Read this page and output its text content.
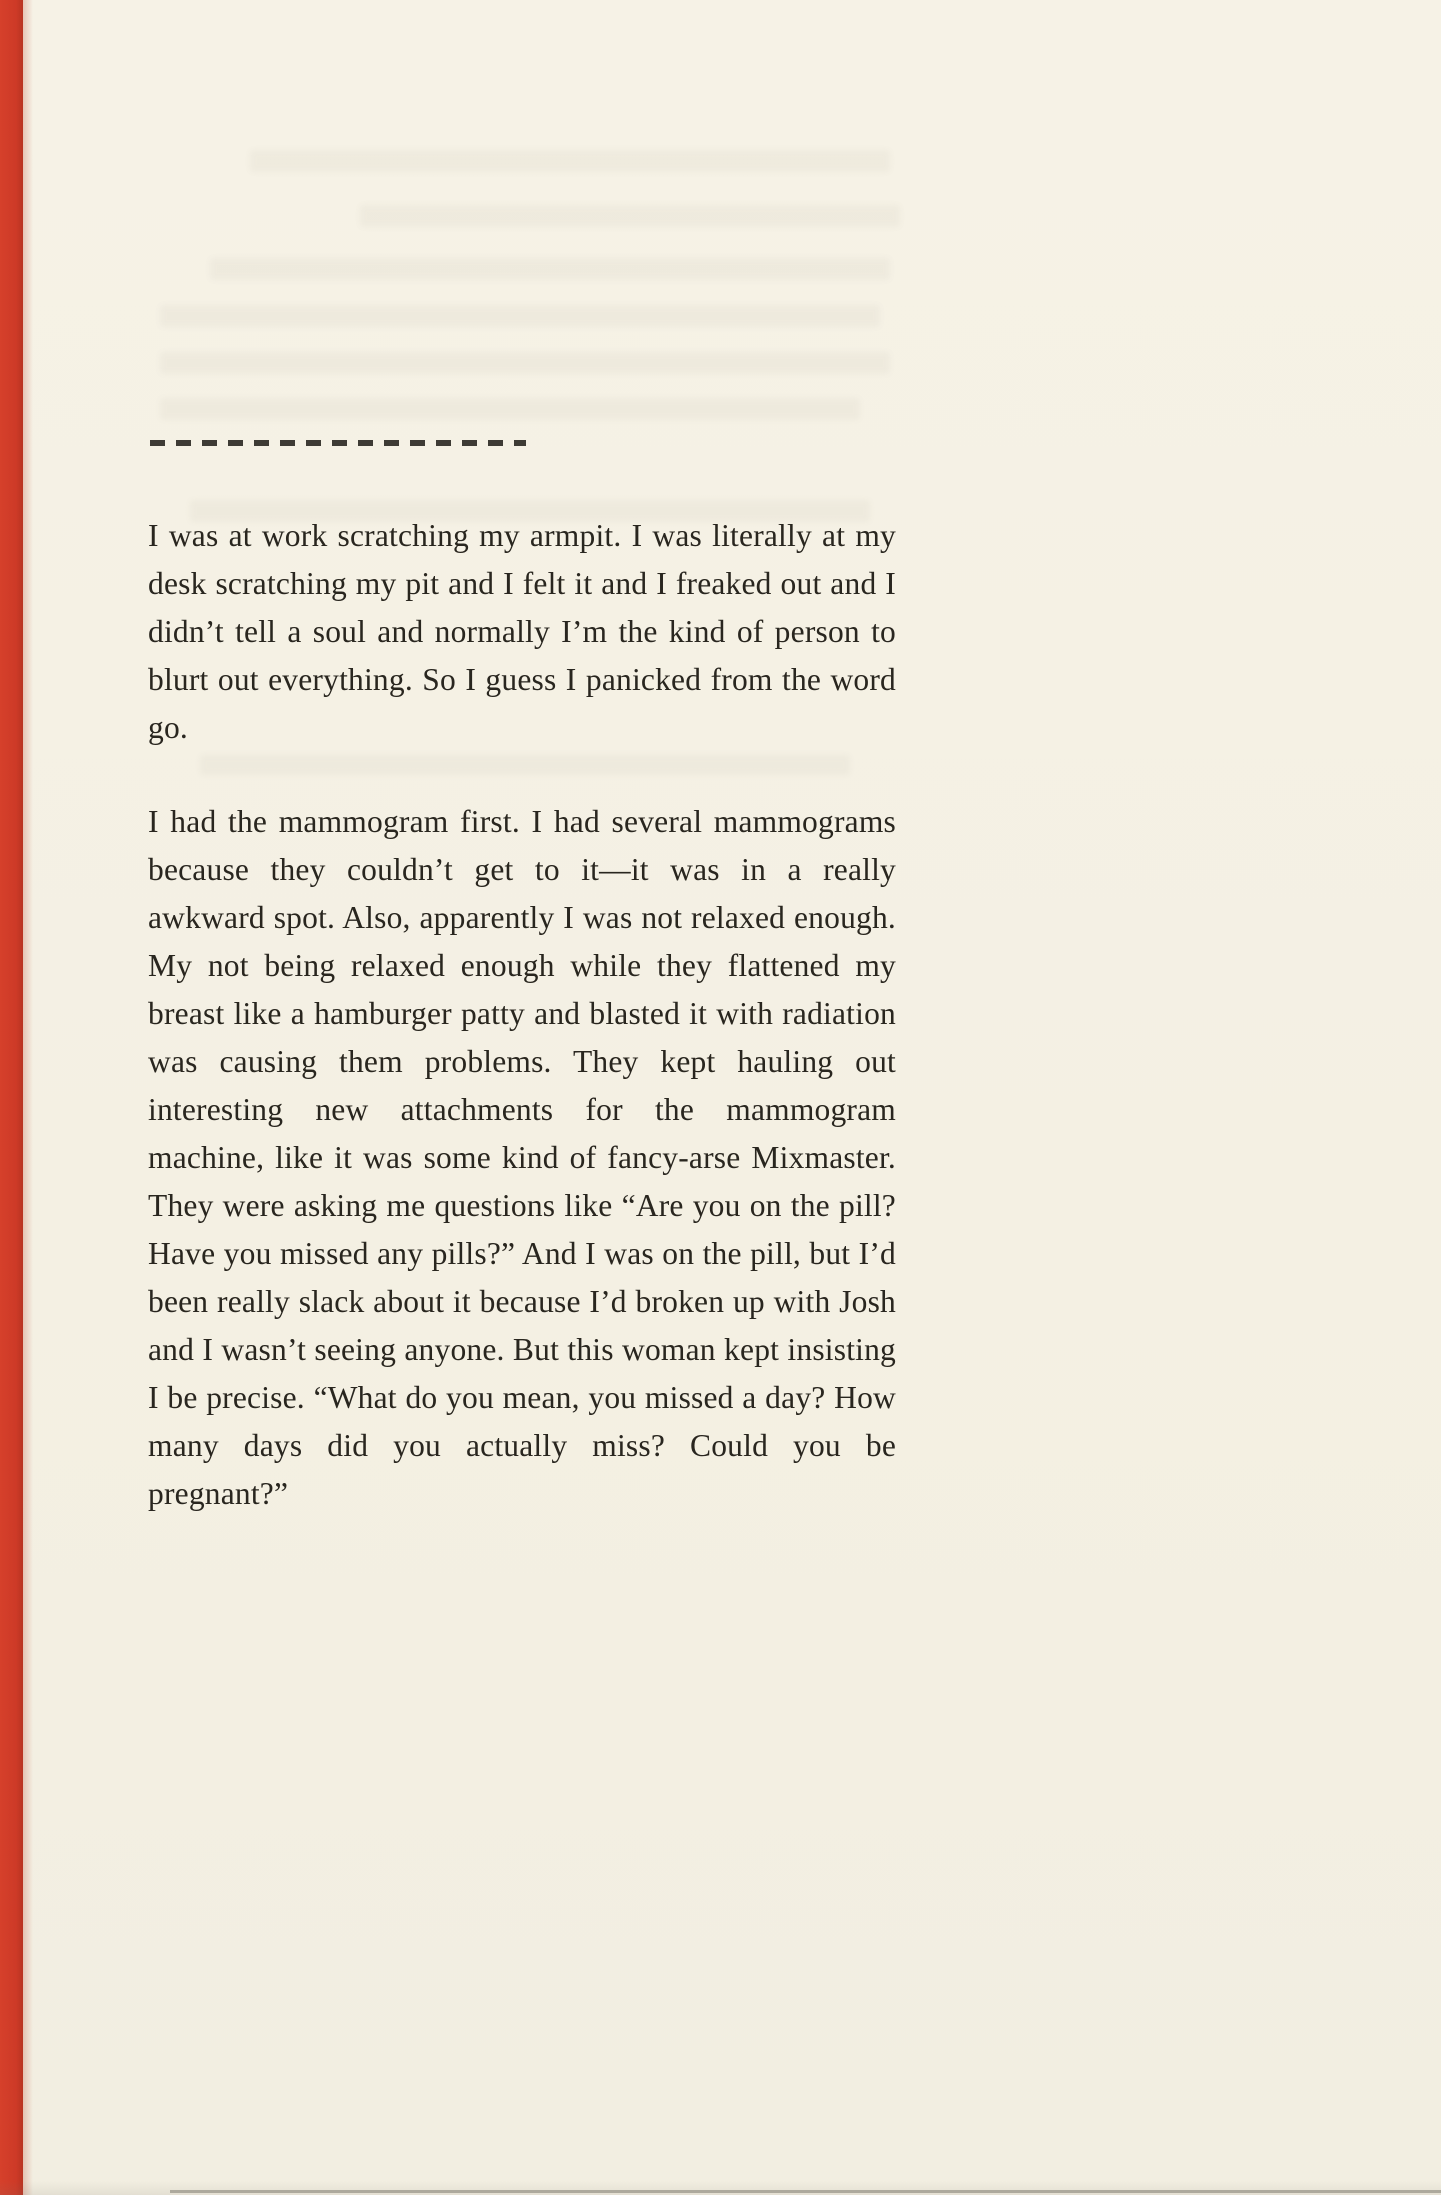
I was at work scratching my armpit. I was literally at my desk scratching my pit and I felt it and I freaked out and I didn’t tell a soul and normally I’m the kind of person to blurt out everything. So I guess I panicked from the word go.

I had the mammogram first. I had several mammograms because they couldn’t get to it—it was in a really awkward spot. Also, apparently I was not relaxed enough. My not being relaxed enough while they flattened my breast like a hamburger patty and blasted it with radiation was causing them problems. They kept hauling out interesting new attachments for the mammogram machine, like it was some kind of fancy-arse Mixmaster. They were asking me questions like “Are you on the pill? Have you missed any pills?” And I was on the pill, but I’d been really slack about it because I’d broken up with Josh and I wasn’t seeing anyone. But this woman kept insisting I be precise. “What do you mean, you missed a day? How many days did you actually miss? Could you be pregnant?”
